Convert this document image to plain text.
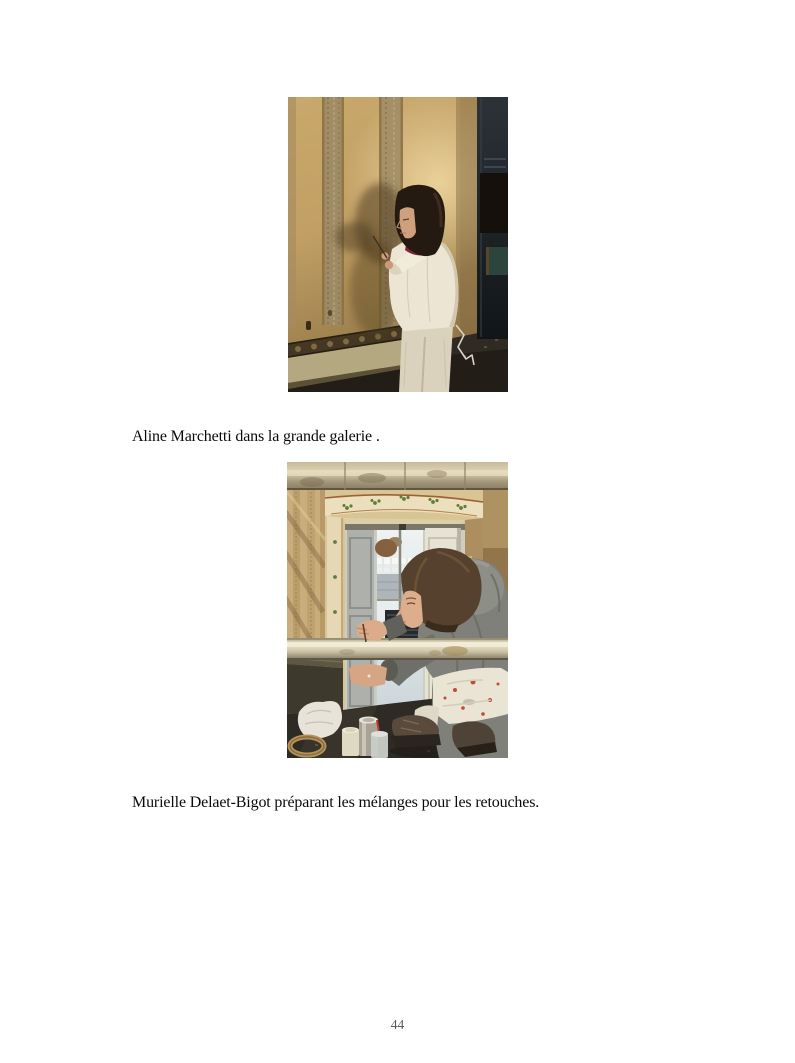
Aline Marchetti dans la grande galerie .

Murielle Delaet-Bigot préparant les mélanges pour les retouches.

44
